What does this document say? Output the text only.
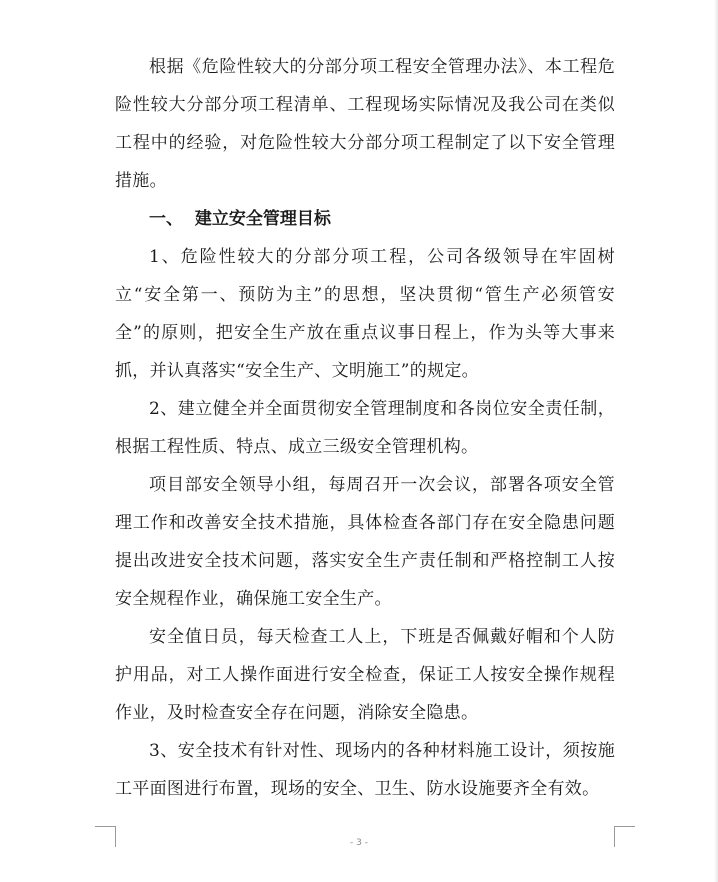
根据《危险性较大的分部分项工程安全管理办法》、本工程危险性较大分部分项工程清单、工程现场实际情况及我公司在类似工程中的经验，对危险性较大分部分项工程制定了以下安全管理措施。

一、  建立安全管理目标

1、危险性较大的分部分项工程，公司各级领导在牢固树立“安全第一、预防为主”的思想，坚决贯彻“管生产必须管安全”的原则，把安全生产放在重点议事日程上，作为头等大事来抓，并认真落实“安全生产、文明施工”的规定。

2、建立健全并全面贯彻安全管理制度和各岗位安全责任制，根据工程性质、特点、成立三级安全管理机构。

项目部安全领导小组，每周召开一次会议，部署各项安全管理工作和改善安全技术措施，具体检查各部门存在安全隐患问题提出改进安全技术问题，落实安全生产责任制和严格控制工人按安全规程作业，确保施工安全生产。

安全值日员，每天检查工人上，下班是否佩戴好帽和个人防护用品，对工人操作面进行安全检查，保证工人按安全操作规程作业，及时检查安全存在问题，消除安全隐患。

3、安全技术有针对性、现场内的各种材料施工设计，须按施工平面图进行布置，现场的安全、卫生、防水设施要齐全有效。

- 3 -
